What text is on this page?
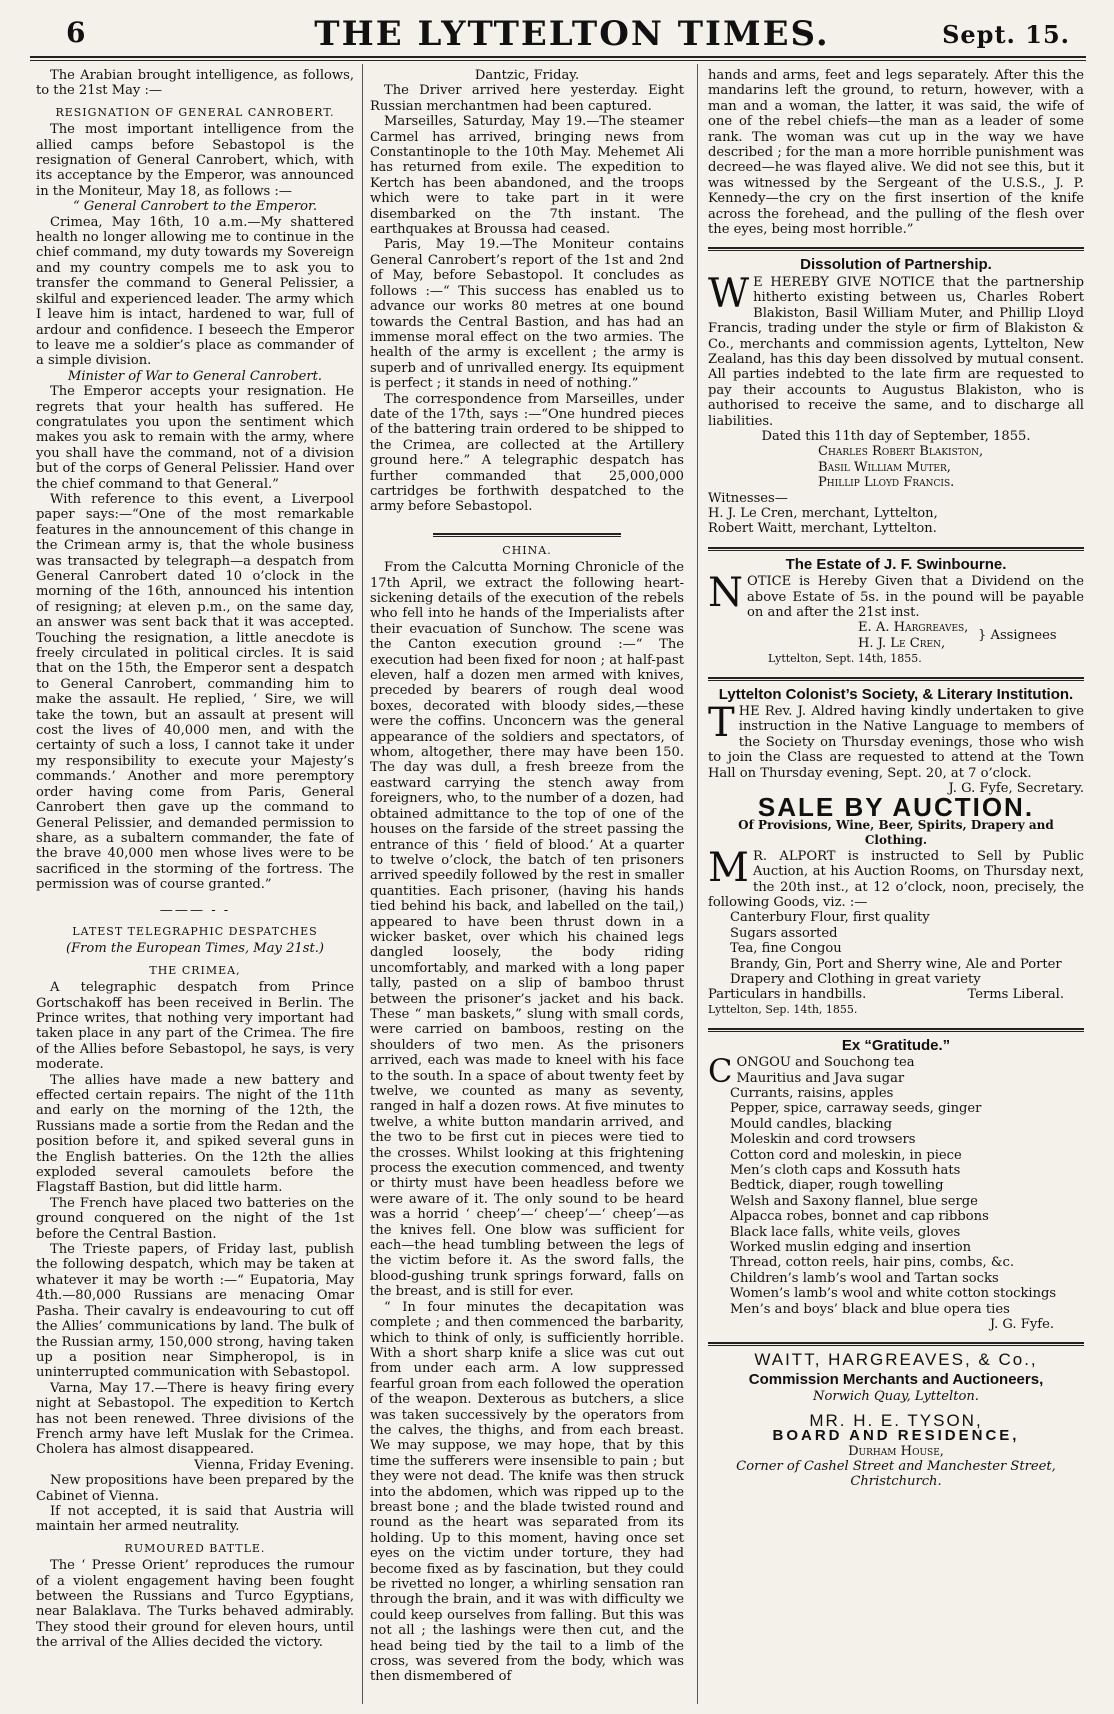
6	THE LYTTELTON TIMES.	Sept. 15.

The Arabian brought intelligence, as follows, to the 21st May :—

RESIGNATION OF GENERAL CANROBERT.

The most important intelligence from the allied camps before Sebastopol is the resignation of General Canrobert, which, with its acceptance by the Emperor, was announced in the Moniteur, May 18, as follows :—

“ General Canrobert to the Emperor.

Crimea, May 16th, 10 a.m.—My shattered health no longer allowing me to continue in the chief command, my duty towards my Sovereign and my country compels me to ask you to transfer the command to General Pelissier, a skilful and experienced leader. The army which I leave him is intact, hardened to war, full of ardour and confidence. I beseech the Emperor to leave me a soldier’s place as commander of a simple division.

Minister of War to General Canrobert.

The Emperor accepts your resignation. He regrets that your health has suffered. He congratulates you upon the sentiment which makes you ask to remain with the army, where you shall have the command, not of a division but of the corps of General Pelissier. Hand over the chief command to that General.”

With reference to this event, a Liverpool paper says:—“One of the most remarkable features in the announcement of this change in the Crimean army is, that the whole business was transacted by telegraph—a despatch from General Canrobert dated 10 o’clock in the morning of the 16th, announced his intention of resigning; at eleven p.m., on the same day, an answer was sent back that it was accepted. Touching the resignation, a little anecdote is freely circulated in political circles. It is said that on the 15th, the Emperor sent a despatch to General Canrobert, commanding him to make the assault. He replied, ‘ Sire, we will take the town, but an assault at present will cost the lives of 40,000 men, and with the certainty of such a loss, I cannot take it under my responsibility to execute your Majesty’s commands.’ Another and more peremptory order having come from Paris, General Canrobert then gave up the command to General Pelissier, and demanded permission to share, as a subaltern commander, the fate of the brave 40,000 men whose lives were to be sacrificed in the storming of the fortress. The permission was of course granted.”

——— - -
LATEST TELEGRAPHIC DESPATCHES

(From the European Times, May 21st.)

THE CRIMEA,

A telegraphic despatch from Prince Gortschakoff has been received in Berlin. The Prince writes, that nothing very important had taken place in any part of the Crimea. The fire of the Allies before Sebastopol, he says, is very moderate.

The allies have made a new battery and effected certain repairs. The night of the 11th and early on the morning of the 12th, the Russians made a sortie from the Redan and the position before it, and spiked several guns in the English batteries. On the 12th the allies exploded several camoulets before the Flagstaff Bastion, but did little harm.

The French have placed two batteries on the ground conquered on the night of the 1st before the Central Bastion.

The Trieste papers, of Friday last, publish the following despatch, which may be taken at whatever it may be worth :—“ Eupatoria, May 4th.—80,000 Russians are menacing Omar Pasha. Their cavalry is endeavouring to cut off the Allies’ communications by land. The bulk of the Russian army, 150,000 strong, having taken up a position near Simpheropol, is in uninterrupted communication with Sebastopol.

Varna, May 17.—There is heavy firing every night at Sebastopol. The expedition to Kertch has not been renewed. Three divisions of the French army have left Muslak for the Crimea. Cholera has almost disappeared.

Vienna, Friday Evening.

New propositions have been prepared by the Cabinet of Vienna.

If not accepted, it is said that Austria will maintain her armed neutrality.

RUMOURED BATTLE.

The ‘ Presse Orient’ reproduces the rumour of a violent engagement having been fought between the Russians and Turco Egyptians, near Balaklava. The Turks behaved admirably. They stood their ground for eleven hours, until the arrival of the Allies decided the victory.

Dantzic, Friday.

The Driver arrived here yesterday. Eight Russian merchantmen had been captured.

Marseilles, Saturday, May 19.—The steamer Carmel has arrived, bringing news from Constantinople to the 10th May. Mehemet Ali has returned from exile. The expedition to Kertch has been abandoned, and the troops which were to take part in it were disembarked on the 7th instant. The earthquakes at Broussa had ceased.

Paris, May 19.—The Moniteur contains General Canrobert’s report of the 1st and 2nd of May, before Sebastopol. It concludes as follows :—“ This success has enabled us to advance our works 80 metres at one bound towards the Central Bastion, and has had an immense moral effect on the two armies. The health of the army is excellent ; the army is superb and of unrivalled energy. Its equipment is perfect ; it stands in need of nothing.”

The correspondence from Marseilles, under date of the 17th, says :—“One hundred pieces of the battering train ordered to be shipped to the Crimea, are collected at the Artillery ground here.” A telegraphic despatch has further commanded that 25,000,000 cartridges be forthwith despatched to the army before Sebastopol.

CHINA.

From the Calcutta Morning Chronicle of the 17th April, we extract the following heart-sickening details of the execution of the rebels who fell into he hands of the Imperialists after their evacuation of Sunchow. The scene was the Canton execution ground :—“ The execution had been fixed for noon ; at half-past eleven, half a dozen men armed with knives, preceded by bearers of rough deal wood boxes, decorated with bloody sides,—these were the coffins. Unconcern was the general appearance of the soldiers and spectators, of whom, altogether, there may have been 150. The day was dull, a fresh breeze from the eastward carrying the stench away from foreigners, who, to the number of a dozen, had obtained admittance to the top of one of the houses on the farside of the street passing the entrance of this ‘ field of blood.’ At a quarter to twelve o’clock, the batch of ten prisoners arrived speedily followed by the rest in smaller quantities. Each prisoner, (having his hands tied behind his back, and labelled on the tail,) appeared to have been thrust down in a wicker basket, over which his chained legs dangled loosely, the body riding uncomfortably, and marked with a long paper tally, pasted on a slip of bamboo thrust between the prisoner’s jacket and his back. These “ man baskets,” slung with small cords, were carried on bamboos, resting on the shoulders of two men. As the prisoners arrived, each was made to kneel with his face to the south. In a space of about twenty feet by twelve, we counted as many as seventy, ranged in half a dozen rows. At five minutes to twelve, a white button mandarin arrived, and the two to be first cut in pieces were tied to the crosses. Whilst looking at this frightening process the execution commenced, and twenty or thirty must have been headless before we were aware of it. The only sound to be heard was a horrid ‘ cheep’—‘ cheep’—‘ cheep’—as the knives fell. One blow was sufficient for each—the head tumbling between the legs of the victim before it. As the sword falls, the blood-gushing trunk springs forward, falls on the breast, and is still for ever.

“ In four minutes the decapitation was complete ; and then commenced the barbarity, which to think of only, is sufficiently horrible. With a short sharp knife a slice was cut out from under each arm. A low suppressed fearful groan from each followed the operation of the weapon. Dexterous as butchers, a slice was taken successively by the operators from the calves, the thighs, and from each breast. We may suppose, we may hope, that by this time the sufferers were insensible to pain ; but they were not dead. The knife was then struck into the abdomen, which was ripped up to the breast bone ; and the blade twisted round and round as the heart was separated from its holding. Up to this moment, having once set eyes on the victim under torture, they had become fixed as by fascination, but they could be rivetted no longer, a whirling sensation ran through the brain, and it was with difficulty we could keep ourselves from falling. But this was not all ; the lashings were then cut, and the head being tied by the tail to a limb of the cross, was severed from the body, which was then dismembered of

hands and arms, feet and legs separately. After this the mandarins left the ground, to return, however, with a man and a woman, the latter, it was said, the wife of one of the rebel chiefs—the man as a leader of some rank. The woman was cut up in the way we have described ; for the man a more horrible punishment was decreed—he was flayed alive. We did not see this, but it was witnessed by the Sergeant of the U.S.S., J. P. Kennedy—the cry on the first insertion of the knife across the forehead, and the pulling of the flesh over the eyes, being most horrible.”

Dissolution of Partnership.

W E HEREBY GIVE NOTICE that the partnership hitherto existing between us, Charles Robert Blakiston, Basil William Muter, and Phillip Lloyd Francis, trading under the style or firm of Blakiston & Co., merchants and commission agents, Lyttelton, New Zealand, has this day been dissolved by mutual consent. All parties indebted to the late firm are requested to pay their accounts to Augustus Blakiston, who is authorised to receive the same, and to discharge all liabilities.

Dated this 11th day of September, 1855.

Charles Robert Blakiston,
Basil William Muter,
Phillip Lloyd Francis.
Witnesses—
H. J. Le Cren, merchant, Lyttelton,
Robert Waitt, merchant, Lyttelton.
The Estate of J. F. Swinbourne.

NOTICE is Hereby Given that a Dividend on the above Estate of 5s. in the pound will be payable on and after the 21st inst.

E. A. Hargreaves,
H. J. Le Cren,	} Assignees
Lyttelton, Sept. 14th, 1855.
Lyttelton Colonist’s Society, & Literary Institution.

THE Rev. J. Aldred having kindly undertaken to give instruction in the Native Language to members of the Society on Thursday evenings, those who wish to join the Class are requested to attend at the Town Hall on Thursday evening, Sept. 20, at 7 o’clock.

J. G. Fyfe, Secretary.
SALE BY AUCTION.
Of Provisions, Wine, Beer, Spirits, Drapery and Clothing.

M R. ALPORT is instructed to Sell by Public Auction, at his Auction Rooms, on Thursday next, the 20th inst., at 12 o’clock, noon, precisely, the following Goods, viz. :—

Canterbury Flour, first quality
Sugars assorted
Tea, fine Congou
Brandy, Gin, Port and Sherry wine, Ale and Porter
Drapery and Clothing in great variety
Particulars in handbills.	Terms Liberal.
Lyttelton, Sep. 14th, 1855.
Ex “Gratitude.”
CONGOU and Souchong tea
Mauritius and Java sugar
Currants, raisins, apples
Pepper, spice, carraway seeds, ginger
Mould candles, blacking
Moleskin and cord trowsers
Cotton cord and moleskin, in piece
Men’s cloth caps and Kossuth hats
Bedtick, diaper, rough towelling
Welsh and Saxony flannel, blue serge
Alpacca robes, bonnet and cap ribbons
Black lace falls, white veils, gloves
Worked muslin edging and insertion
Thread, cotton reels, hair pins, combs, &c.
Children’s lamb’s wool and Tartan socks
Women’s lamb’s wool and white cotton stockings
Men’s and boys’ black and blue opera ties
J. G. Fyfe.
WAITT, HARGREAVES, & Co.,
Commission Merchants and Auctioneers,
Norwich Quay, Lyttelton.
MR. H. E. TYSON,
BOARD AND RESIDENCE,
Durham House,
Corner of Cashel Street and Manchester Street, Christchurch.
